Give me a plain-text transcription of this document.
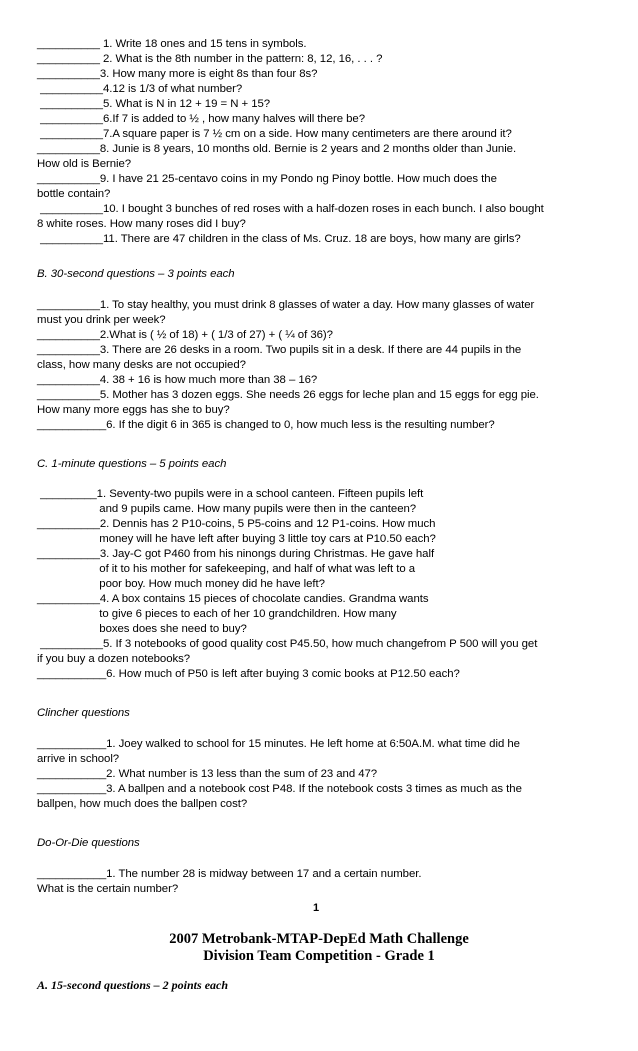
__________ 1. Write 18 ones and 15 tens in symbols.
__________ 2. What is the 8th number in the pattern: 8, 12, 16, . . . ?
__________3. How many more is eight 8s than four 8s?
__________4.12 is 1/3 of what number?
__________5. What is N in 12 + 19 = N + 15?
__________6.If 7 is added to ½ , how many halves will there be?
__________7.A square paper is 7 ½ cm on a side. How many centimeters are there around it?
__________8. Junie is 8 years, 10 months old. Bernie is 2 years and 2 months older than Junie.
How old is Bernie?
__________9. I have 21 25-centavo coins in my Pondo ng Pinoy bottle. How much does the
bottle contain?
__________10. I bought 3 bunches of red roses with a half-dozen roses in each bunch. I also bought
8 white roses. How many roses did I buy?
__________11. There are 47 children in the class of Ms. Cruz. 18 are boys, how many are girls?
B. 30-second questions – 3 points each
__________1. To stay healthy, you must drink 8 glasses of water a day. How many glasses of water
must you drink per week?
__________2.What is ( ½ of 18) + ( 1/3 of 27) + ( ¼ of 36)?
__________3. There are 26 desks in a room. Two pupils sit in a desk. If there are 44 pupils in the
class, how many desks are not occupied?
__________4. 38 + 16 is how much more than 38 – 16?
__________5. Mother has 3 dozen eggs. She needs 26 eggs for leche plan and 15 eggs for egg pie.
How many more eggs has she to buy?
___________6. If the digit 6 in 365 is changed to 0, how much less is the resulting number?
C. 1-minute questions – 5 points each
_________1. Seventy-two pupils were in a school canteen. Fifteen pupils left
and 9 pupils came. How many pupils were then in the canteen?
__________2. Dennis has 2 P10-coins, 5 P5-coins and 12 P1-coins. How much
money will he have left after buying 3 little toy cars at P10.50 each?
__________3. Jay-C got P460 from his ninongs during Christmas. He gave half
of it to his mother for safekeeping, and half of what was left to a
poor boy. How much money did he have left?
__________4. A box contains 15 pieces of chocolate candies. Grandma wants
to give 6 pieces to each of her 10 grandchildren. How many
boxes does she need to buy?
__________5. If 3 notebooks of good quality cost P45.50, how much changefrom P 500 will you get
if you buy a dozen notebooks?
___________6. How much of P50 is left after buying 3 comic books at P12.50 each?
Clincher questions
___________1. Joey walked to school for 15 minutes. He left home at 6:50A.M. what time did he
arrive in school?
___________2. What number is 13 less than the sum of 23 and 47?
___________3. A ballpen and a notebook cost P48. If the notebook costs 3 times as much as the
ballpen, how much does the ballpen cost?
Do-Or-Die questions
___________1. The number 28 is midway between 17 and a certain number.
What is the certain number?
1
2007 Metrobank-MTAP-DepEd Math Challenge
Division Team Competition - Grade 1
A. 15-second questions – 2 points each
